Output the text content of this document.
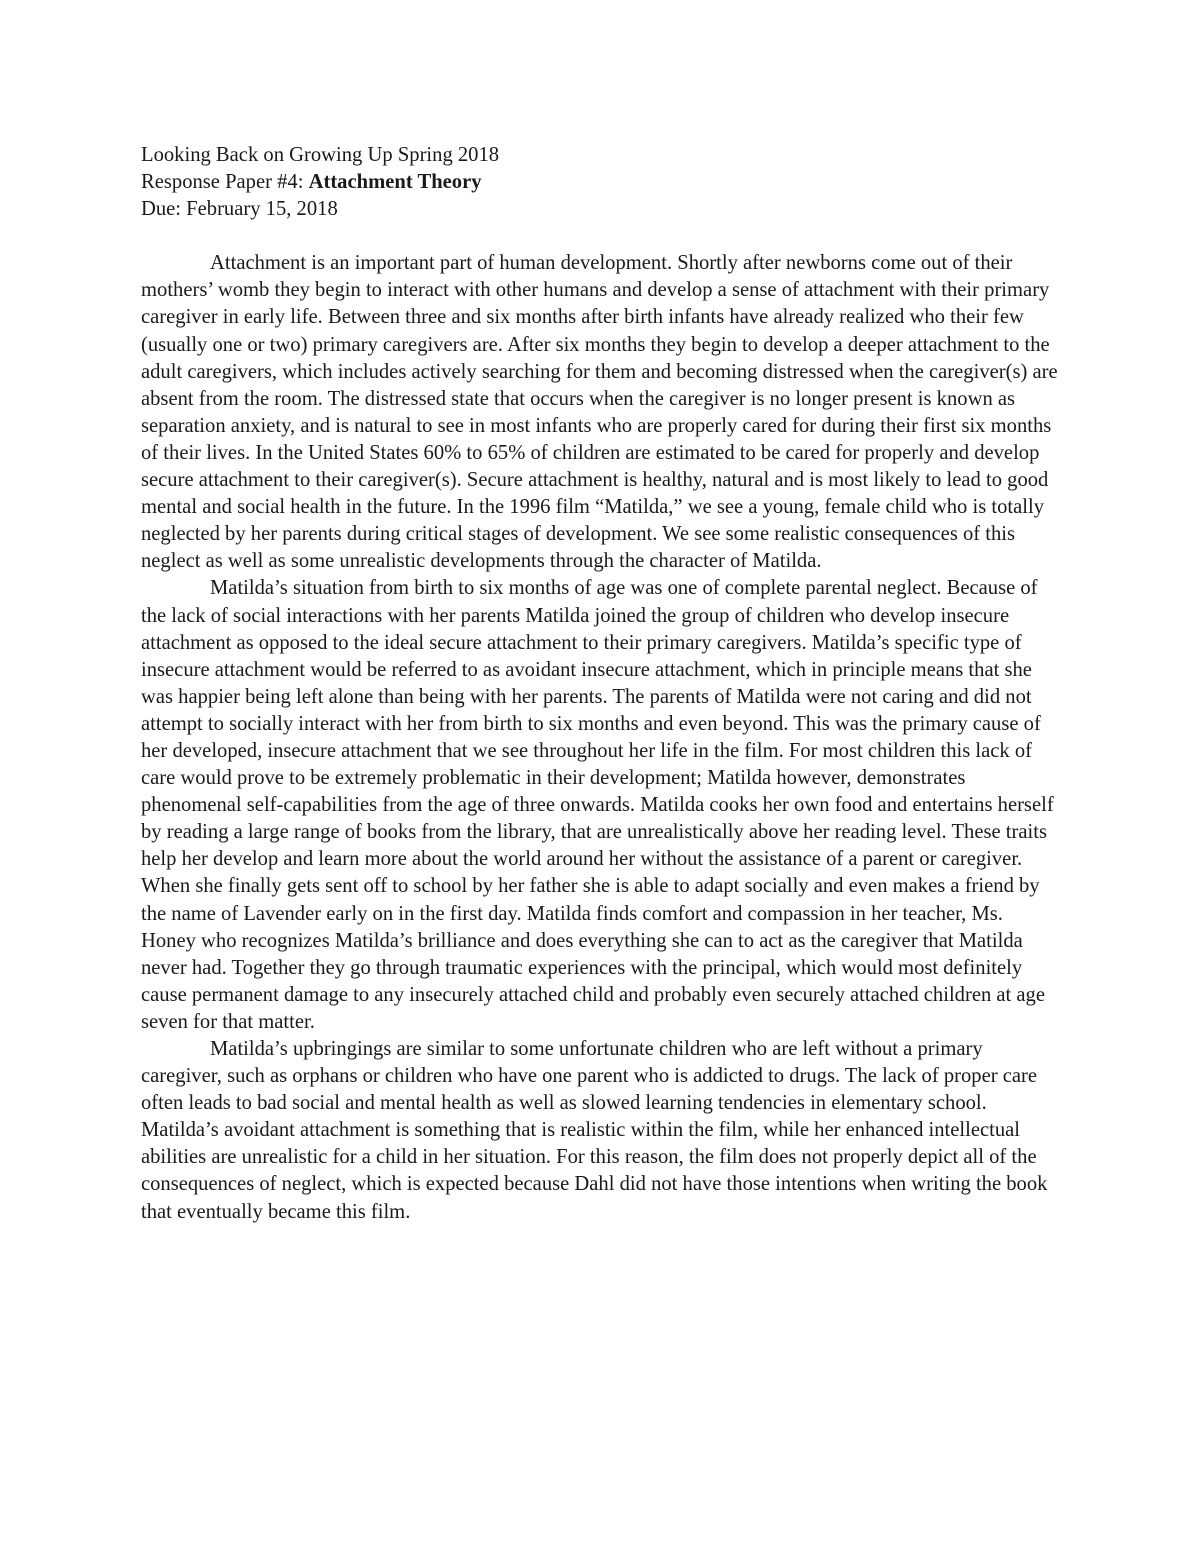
Looking Back on Growing Up Spring 2018

Response Paper #4: Attachment Theory

Due: February 15, 2018

Attachment is an important part of human development. Shortly after newborns come out of their mothers’ womb they begin to interact with other humans and develop a sense of attachment with their primary caregiver in early life. Between three and six months after birth infants have already realized who their few (usually one or two) primary caregivers are. After six months they begin to develop a deeper attachment to the adult caregivers, which includes actively searching for them and becoming distressed when the caregiver(s) are absent from the room. The distressed state that occurs when the caregiver is no longer present is known as separation anxiety, and is natural to see in most infants who are properly cared for during their first six months of their lives. In the United States 60% to 65% of children are estimated to be cared for properly and develop secure attachment to their caregiver(s). Secure attachment is healthy, natural and is most likely to lead to good mental and social health in the future. In the 1996 film “Matilda,” we see a young, female child who is totally neglected by her parents during critical stages of development. We see some realistic consequences of this neglect as well as some unrealistic developments through the character of Matilda.

Matilda’s situation from birth to six months of age was one of complete parental neglect. Because of the lack of social interactions with her parents Matilda joined the group of children who develop insecure attachment as opposed to the ideal secure attachment to their primary caregivers. Matilda’s specific type of insecure attachment would be referred to as avoidant insecure attachment, which in principle means that she was happier being left alone than being with her parents. The parents of Matilda were not caring and did not attempt to socially interact with her from birth to six months and even beyond. This was the primary cause of her developed, insecure attachment that we see throughout her life in the film. For most children this lack of care would prove to be extremely problematic in their development; Matilda however, demonstrates phenomenal self-capabilities from the age of three onwards. Matilda cooks her own food and entertains herself by reading a large range of books from the library, that are unrealistically above her reading level. These traits help her develop and learn more about the world around her without the assistance of a parent or caregiver. When she finally gets sent off to school by her father she is able to adapt socially and even makes a friend by the name of Lavender early on in the first day. Matilda finds comfort and compassion in her teacher, Ms. Honey who recognizes Matilda’s brilliance and does everything she can to act as the caregiver that Matilda never had. Together they go through traumatic experiences with the principal, which would most definitely cause permanent damage to any insecurely attached child and probably even securely attached children at age seven for that matter.

Matilda’s upbringings are similar to some unfortunate children who are left without a primary caregiver, such as orphans or children who have one parent who is addicted to drugs. The lack of proper care often leads to bad social and mental health as well as slowed learning tendencies in elementary school. Matilda’s avoidant attachment is something that is realistic within the film, while her enhanced intellectual abilities are unrealistic for a child in her situation. For this reason, the film does not properly depict all of the consequences of neglect, which is expected because Dahl did not have those intentions when writing the book that eventually became this film.
